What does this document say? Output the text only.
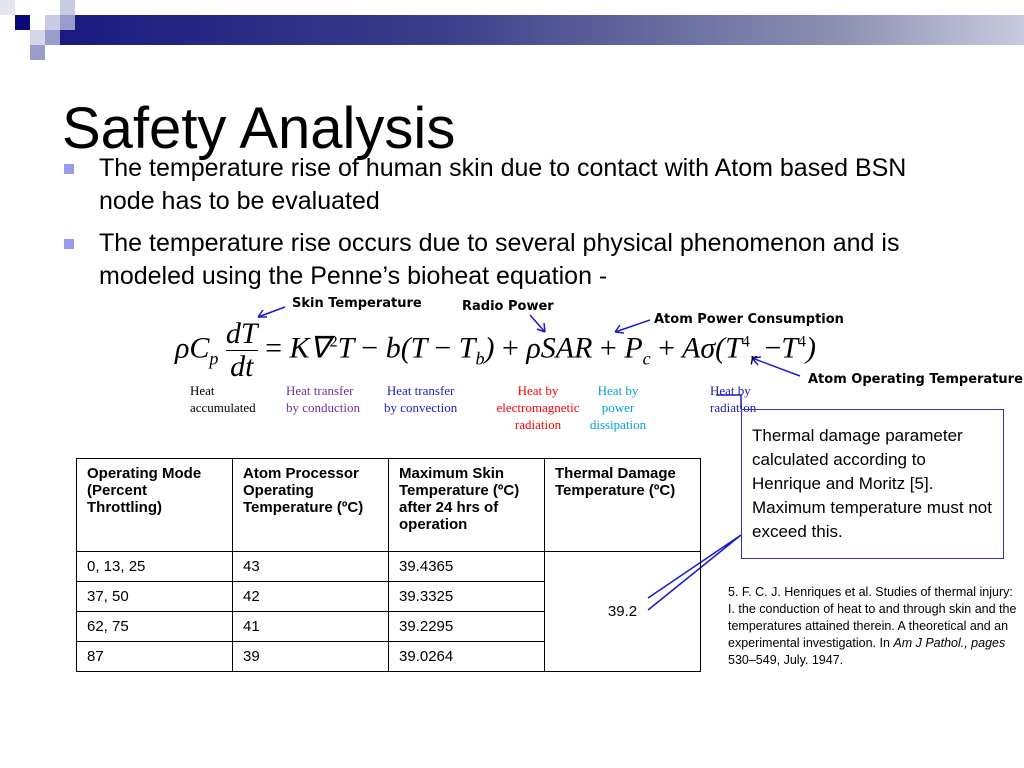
Safety Analysis
The temperature rise of human skin due to contact with Atom based BSN node has to be evaluated
The temperature rise occurs due to several physical phenomenon and is modeled using the Penne’s bioheat equation -
Skin Temperature	Radio Power
Atom Power Consumption
Atom Operating Temperature
$\rho C_p \frac{dT}{dt} = K\nabla^2T - b(T - T_b) + \rho SAR + P_c + A\sigma(T^4_r -T^4)$
Heat
accumulated
Heat transfer
by conduction
Heat transfer
by convection
Heat by
electromagnetic
radiation
Heat by
power
dissipation
Heat by
radiation
Operating Mode (Percent Throttling)	Atom Processor Operating Temperature (ºC)	Maximum Skin Temperature (ºC) after 24 hrs of operation	Thermal Damage Temperature (ºC)
0, 13, 25	43	39.4365	39.2
37, 50	42	39.3325	
62, 75	41	39.2295	
87	39	39.0264	
Thermal damage parameter calculated according to Henrique and Moritz [5]. Maximum temperature must not exceed this.
5. F. C. J. Henriques et al. Studies of thermal injury: I. the conduction of heat to and through skin and the temperatures attained therein. A theoretical and an experimental investigation. In Am J Pathol., pages 530–549, July. 1947.
